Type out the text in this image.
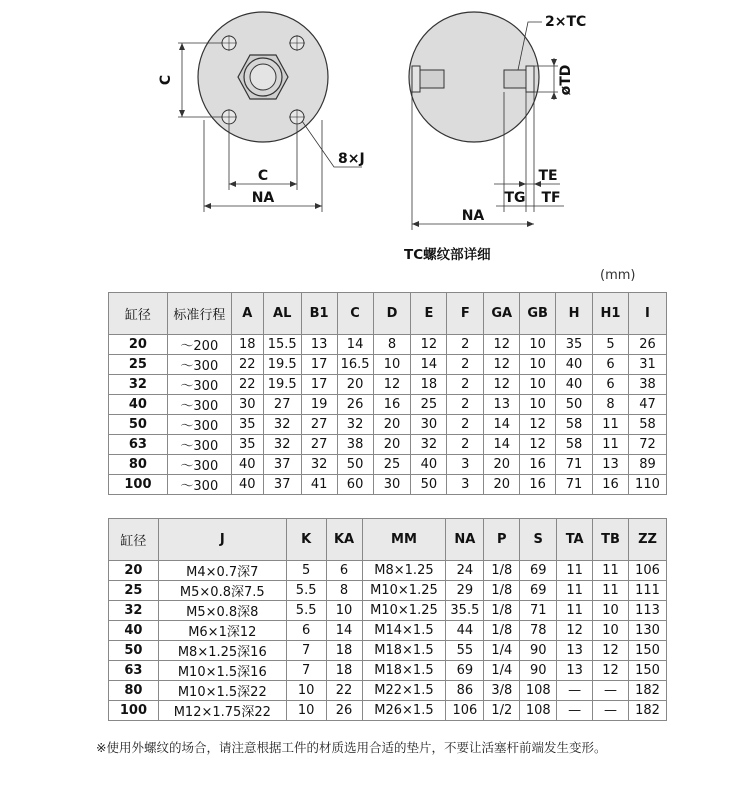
C
C
NA
8×J
2×TC
øTD
TE
TG TF
NA
TC螺纹部详细
(mm)
缸径	标准行程	A	AL	B1	C	D	E	F	GA	GB	H	H1	I
20	～200	18	15.5	13	14	8	12	2	12	10	35	5	26
25	～300	22	19.5	17	16.5	10	14	2	12	10	40	6	31
32	～300	22	19.5	17	20	12	18	2	12	10	40	6	38
40	～300	30	27	19	26	16	25	2	13	10	50	8	47
50	～300	35	32	27	32	20	30	2	14	12	58	11	58
63	～300	35	32	27	38	20	32	2	14	12	58	11	72
80	～300	40	37	32	50	25	40	3	20	16	71	13	89
100	～300	40	37	41	60	30	50	3	20	16	71	16	110
缸径	J	K	KA	MM	NA	P	S	TA	TB	ZZ
20	M4×0.7深7	5	6	M8×1.25	24	1/8	69	11	11	106
25	M5×0.8深7.5	5.5	8	M10×1.25	29	1/8	69	11	11	111
32	M5×0.8深8	5.5	10	M10×1.25	35.5	1/8	71	11	10	113
40	M6×1深12	6	14	M14×1.5	44	1/8	78	12	10	130
50	M8×1.25深16	7	18	M18×1.5	55	1/4	90	13	12	150
63	M10×1.5深16	7	18	M18×1.5	69	1/4	90	13	12	150
80	M10×1.5深22	10	22	M22×1.5	86	3/8	108	—	—	182
100	M12×1.75深22	10	26	M26×1.5	106	1/2	108	—	—	182
※使用外螺纹的场合，请注意根据工件的材质选用合适的垫片，不要让活塞杆前端发生变形。
